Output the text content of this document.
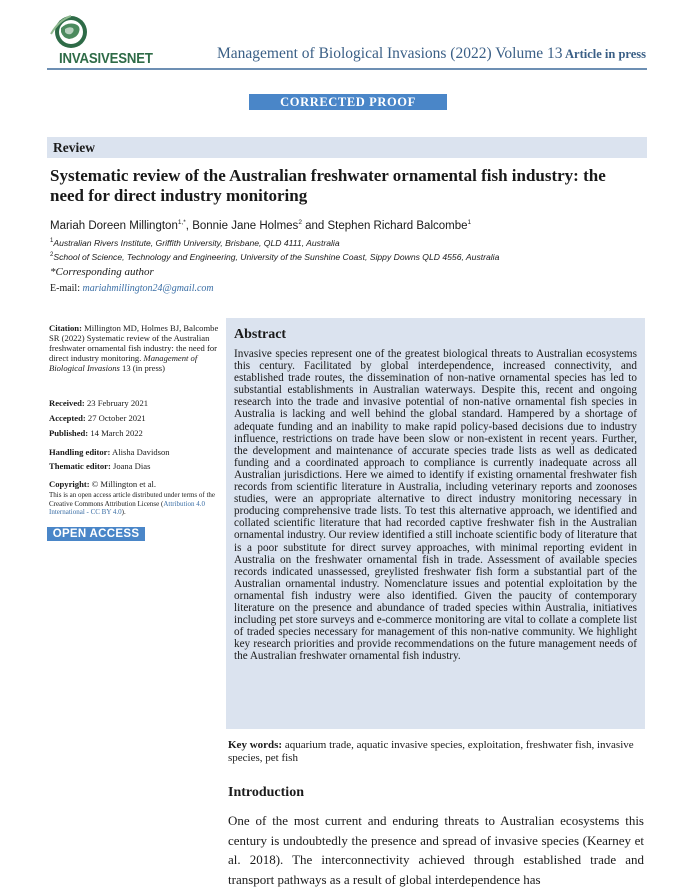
INVASIVESNET	Management of Biological Invasions (2022) Volume 13 Article in press
CORRECTED PROOF
Review
Systematic review of the Australian freshwater ornamental fish industry: the need for direct industry monitoring
Mariah Doreen Millington$^{1,*}$, Bonnie Jane Holmes$^2$ and Stephen Richard Balcombe$^1$
$^1$Australian Rivers Institute, Griffith University, Brisbane, QLD 4111, Australia
$^2$School of Science, Technology and Engineering, University of the Sunshine Coast, Sippy Downs QLD 4556, Australia
*Corresponding author
E-mail: mariahmillington24@gmail.com
Citation: Millington MD, Holmes BJ, Balcombe SR (2022) Systematic review of the Australian freshwater ornamental fish industry: the need for direct industry monitoring. Management of Biological Invasions 13 (in press)
Received: 23 February 2021
Accepted: 27 October 2021
Published: 14 March 2022
Handling editor: Alisha Davidson
Thematic editor: Joana Dias
Copyright: © Millington et al.
This is an open access article distributed under terms of the Creative Commons Attribution License (Attribution 4.0 International - CC BY 4.0).
OPEN ACCESS
Abstract

Invasive species represent one of the greatest biological threats to Australian ecosystems this century. Facilitated by global interdependence, increased connectivity, and established trade routes, the dissemination of non-native ornamental species has led to substantial establishments in Australian waterways. Despite this, recent and ongoing research into the trade and invasive potential of non-native ornamental fish species in Australia is lacking and well behind the global standard. Hampered by a shortage of adequate funding and an inability to make rapid policy-based decisions due to industry influence, restrictions on trade have been slow or non-existent in recent years. Further, the development and maintenance of accurate species trade lists as well as dedicated funding and a coordinated approach to compliance is currently inadequate across all Australian jurisdictions. Here we aimed to identify if existing ornamental freshwater fish records from scientific literature in Australia, including veterinary reports and zoonoses studies, were an appropriate alternative to direct industry monitoring necessary in producing comprehensive trade lists. To test this alternative approach, we identified and collated scientific literature that had recorded captive freshwater fish in the Australian ornamental industry. Our review identified a still inchoate scientific body of literature that is a poor substitute for direct survey approaches, with minimal reporting evident in Australia on the freshwater ornamental fish in trade. Assessment of available species records indicated unassessed, greylisted freshwater fish form a substantial part of the Australian ornamental industry. Nomenclature issues and potential exploitation by the ornamental fish industry were also identified. Given the paucity of contemporary literature on the presence and abundance of traded species within Australia, initiatives including pet store surveys and e-commerce monitoring are vital to collate a complete list of traded species necessary for management of this non-native community. We highlight key research priorities and provide recommendations on the future management needs of the Australian freshwater ornamental fish industry.

Key words: aquarium trade, aquatic invasive species, exploitation, freshwater fish, invasive species, pet fish
Introduction

One of the most current and enduring threats to Australian ecosystems this century is undoubtedly the presence and spread of invasive species (Kearney et al. 2018). The interconnectivity achieved through established trade and transport pathways as a result of global interdependence has
